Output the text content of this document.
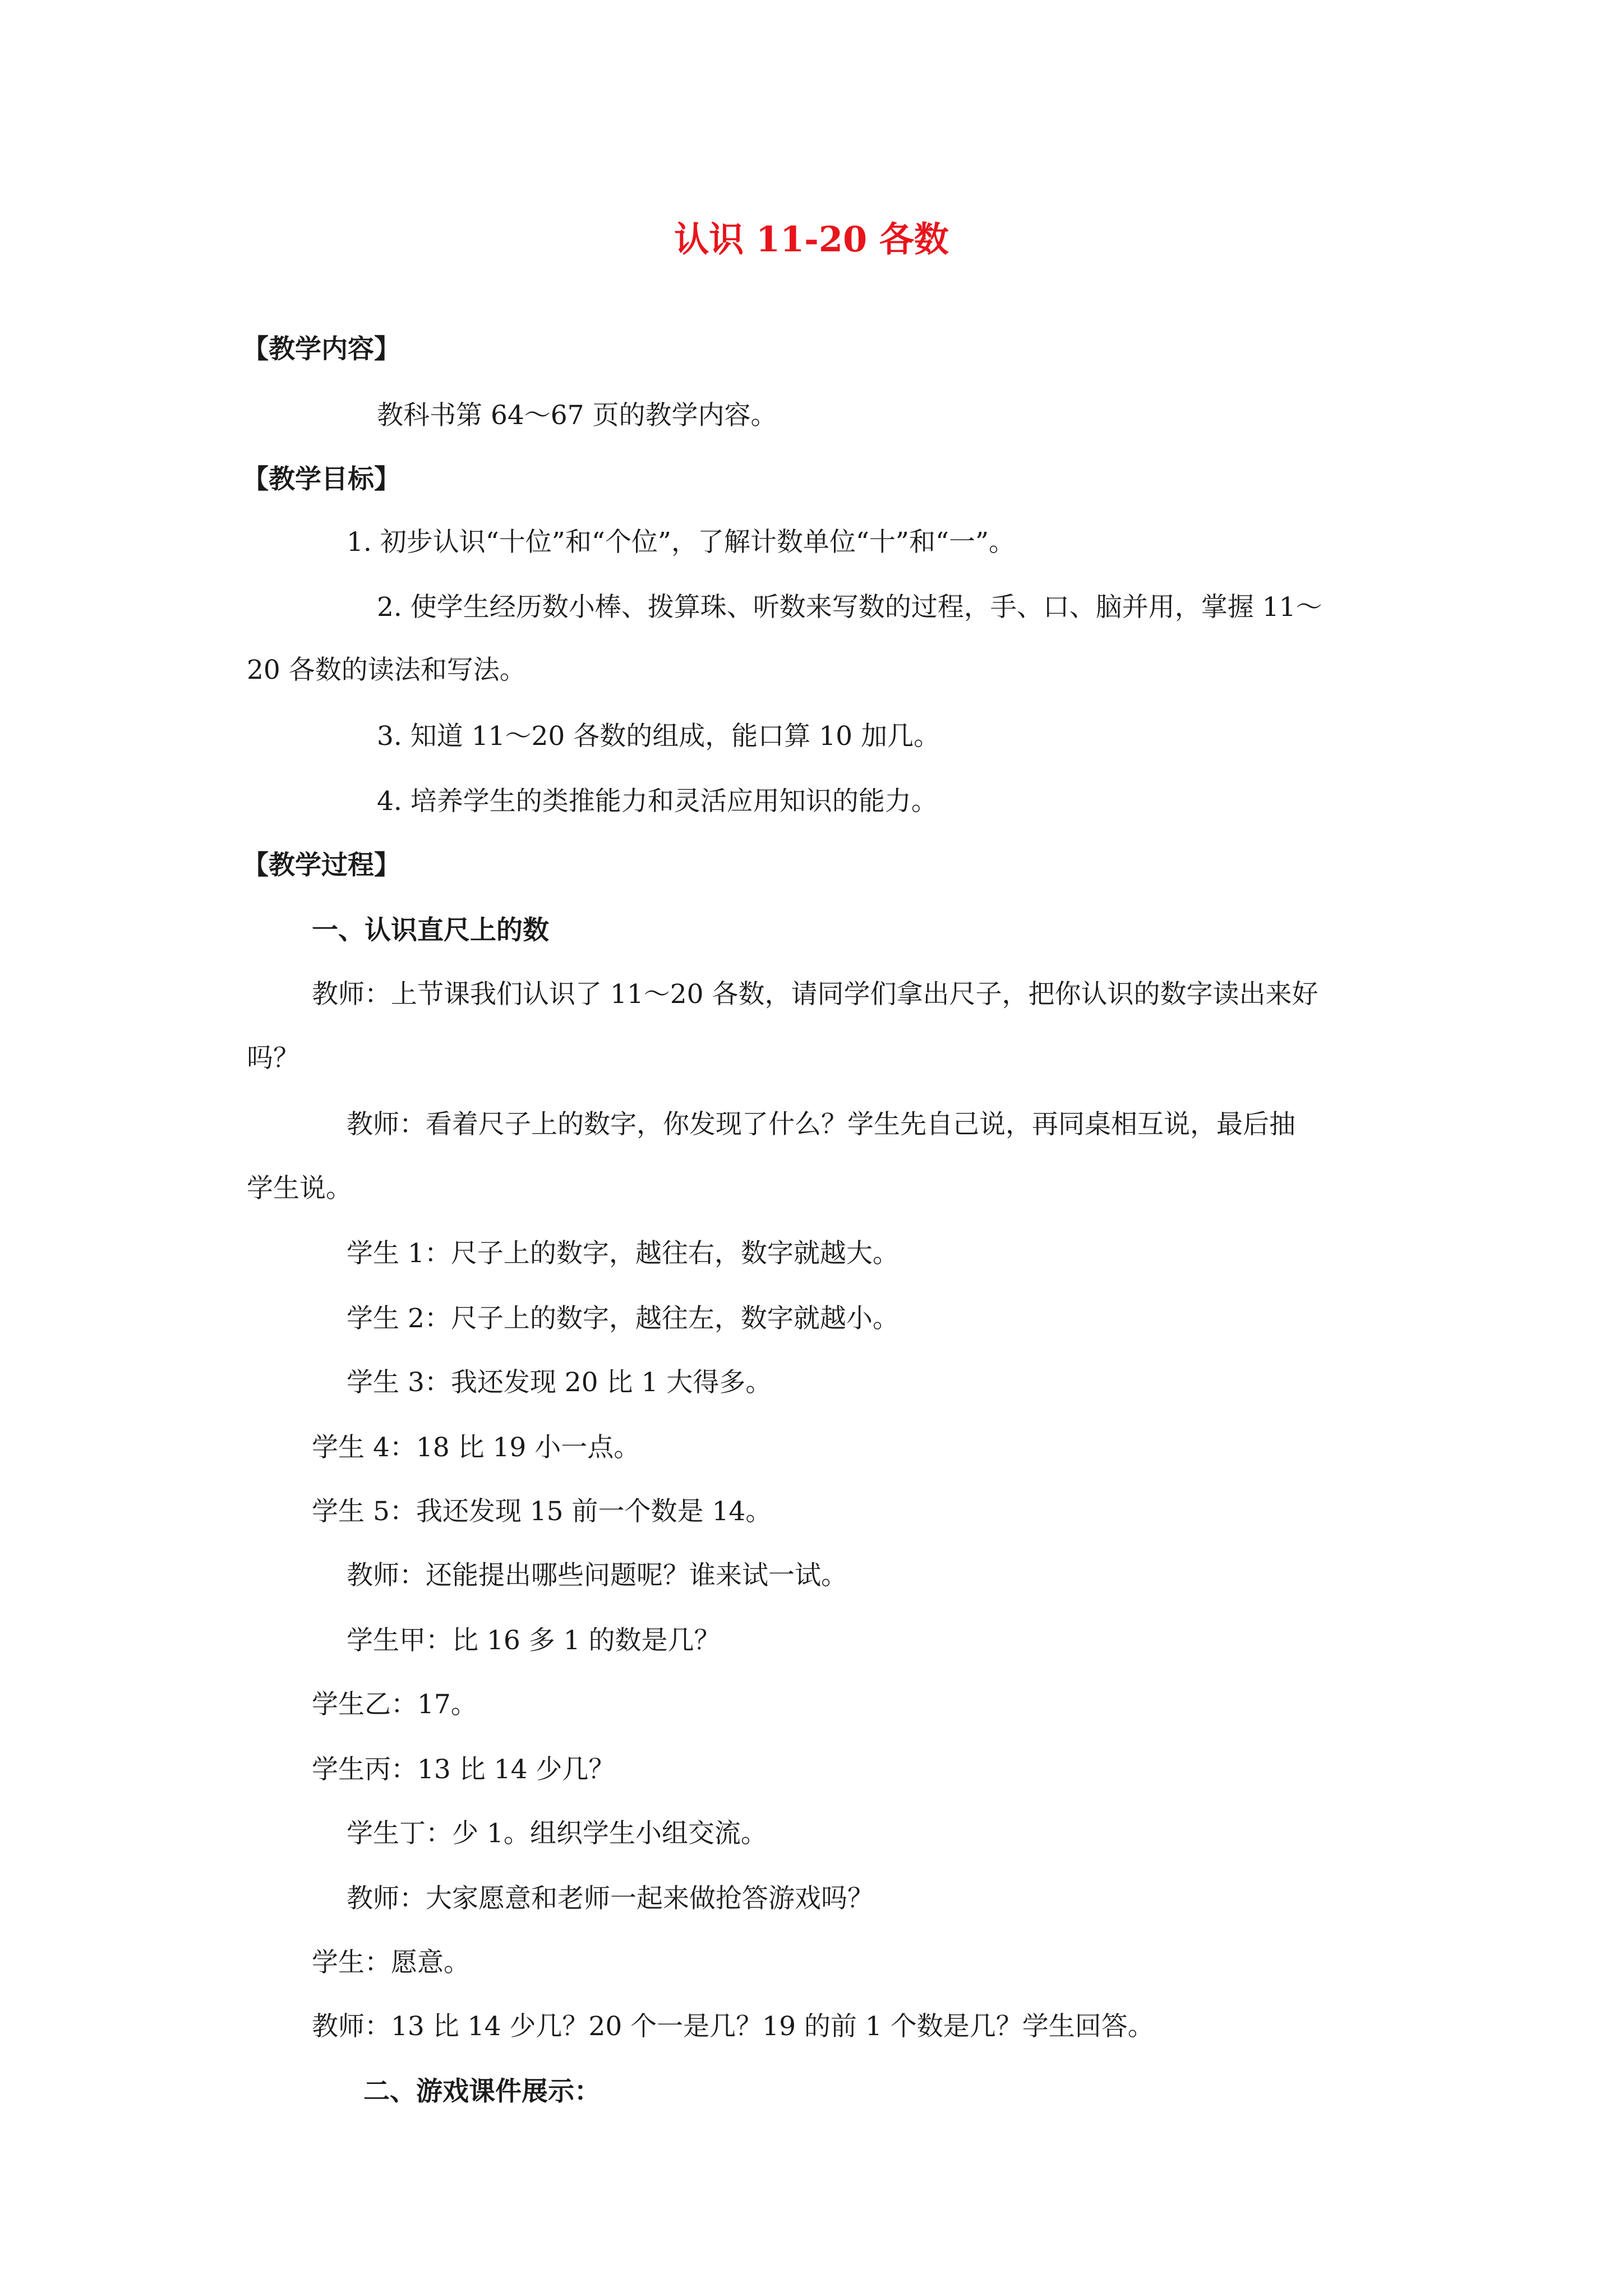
认识 11-20 各数
【教学内容】
教科书第 64～67 页的教学内容。
【教学目标】
1. 初步认识“十位”和“个位”，了解计数单位“十”和“一”。
2. 使学生经历数小棒、拨算珠、听数来写数的过程，手、口、脑并用，掌握 11～
20 各数的读法和写法。
3. 知道 11～20 各数的组成，能口算 10 加几。
4. 培养学生的类推能力和灵活应用知识的能力。
【教学过程】
一、认识直尺上的数
教师：上节课我们认识了 11～20 各数，请同学们拿出尺子，把你认识的数字读出来好
吗？
教师：看着尺子上的数字，你发现了什么？学生先自己说，再同桌相互说，最后抽
学生说。
学生 1：尺子上的数字，越往右，数字就越大。
学生 2：尺子上的数字，越往左，数字就越小。
学生 3：我还发现 20 比 1 大得多。
学生 4：18 比 19 小一点。
学生 5：我还发现 15 前一个数是 14。
教师：还能提出哪些问题呢？谁来试一试。
学生甲：比 16 多 1 的数是几？
学生乙：17。
学生丙：13 比 14 少几？
学生丁：少 1。组织学生小组交流。
教师：大家愿意和老师一起来做抢答游戏吗？
学生：愿意。
教师：13 比 14 少几？20 个一是几？19 的前 1 个数是几？学生回答。
二、游戏课件展示：
